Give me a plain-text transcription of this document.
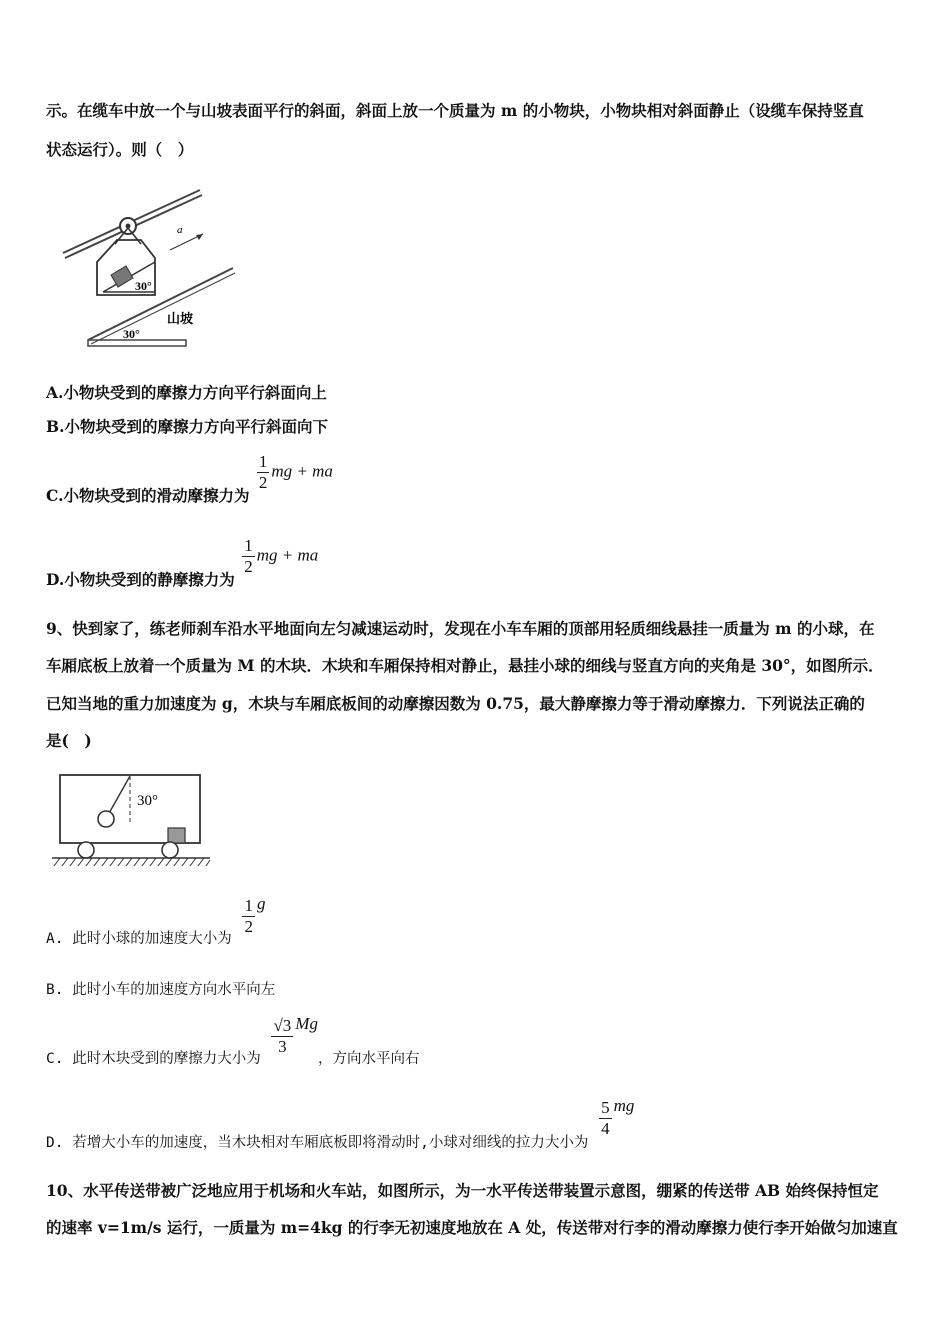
示。在缆车中放一个与山坡表面平行的斜面，斜面上放一个质量为 m 的小物块，小物块相对斜面静止（设缆车保持竖直
状态运行）。则（　）
30°
a
30°
山坡
A.小物块受到的摩擦力方向平行斜面向上
B.小物块受到的摩擦力方向平行斜面向下
C.小物块受到的滑动摩擦力为
$\frac{1}{2}$ mg + ma
D.小物块受到的静摩擦力为
$\frac{1}{2}$ mg + ma
9、快到家了，练老师刹车沿水平地面向左匀减速运动时，发现在小车车厢的顶部用轻质细线悬挂一质量为 m 的小球，在
车厢底板上放着一个质量为 M 的木块．木块和车厢保持相对静止，悬挂小球的细线与竖直方向的夹角是 30°，如图所示．
已知当地的重力加速度为 g，木块与车厢底板间的动摩擦因数为 0.75，最大静摩擦力等于滑动摩擦力．下列说法正确的
是(　)
30°
A. 此时小球的加速度大小为
$\frac{1}{2}$ g
B. 此时小车的加速度方向水平向左
C. 此时木块受到的摩擦力大小为
$\frac{√3}{3}$ Mg，方向水平向右
D. 若增大小车的加速度，当木块相对车厢底板即将滑动时,小球对细线的拉力大小为
$\frac{5}{4}$ mg
10、水平传送带被广泛地应用于机场和火车站，如图所示，为一水平传送带装置示意图，绷紧的传送带 AB 始终保持恒定
的速率 v=1m/s 运行，一质量为 m=4kg 的行李无初速度地放在 A 处，传送带对行李的滑动摩擦力使行李开始做匀加速直
